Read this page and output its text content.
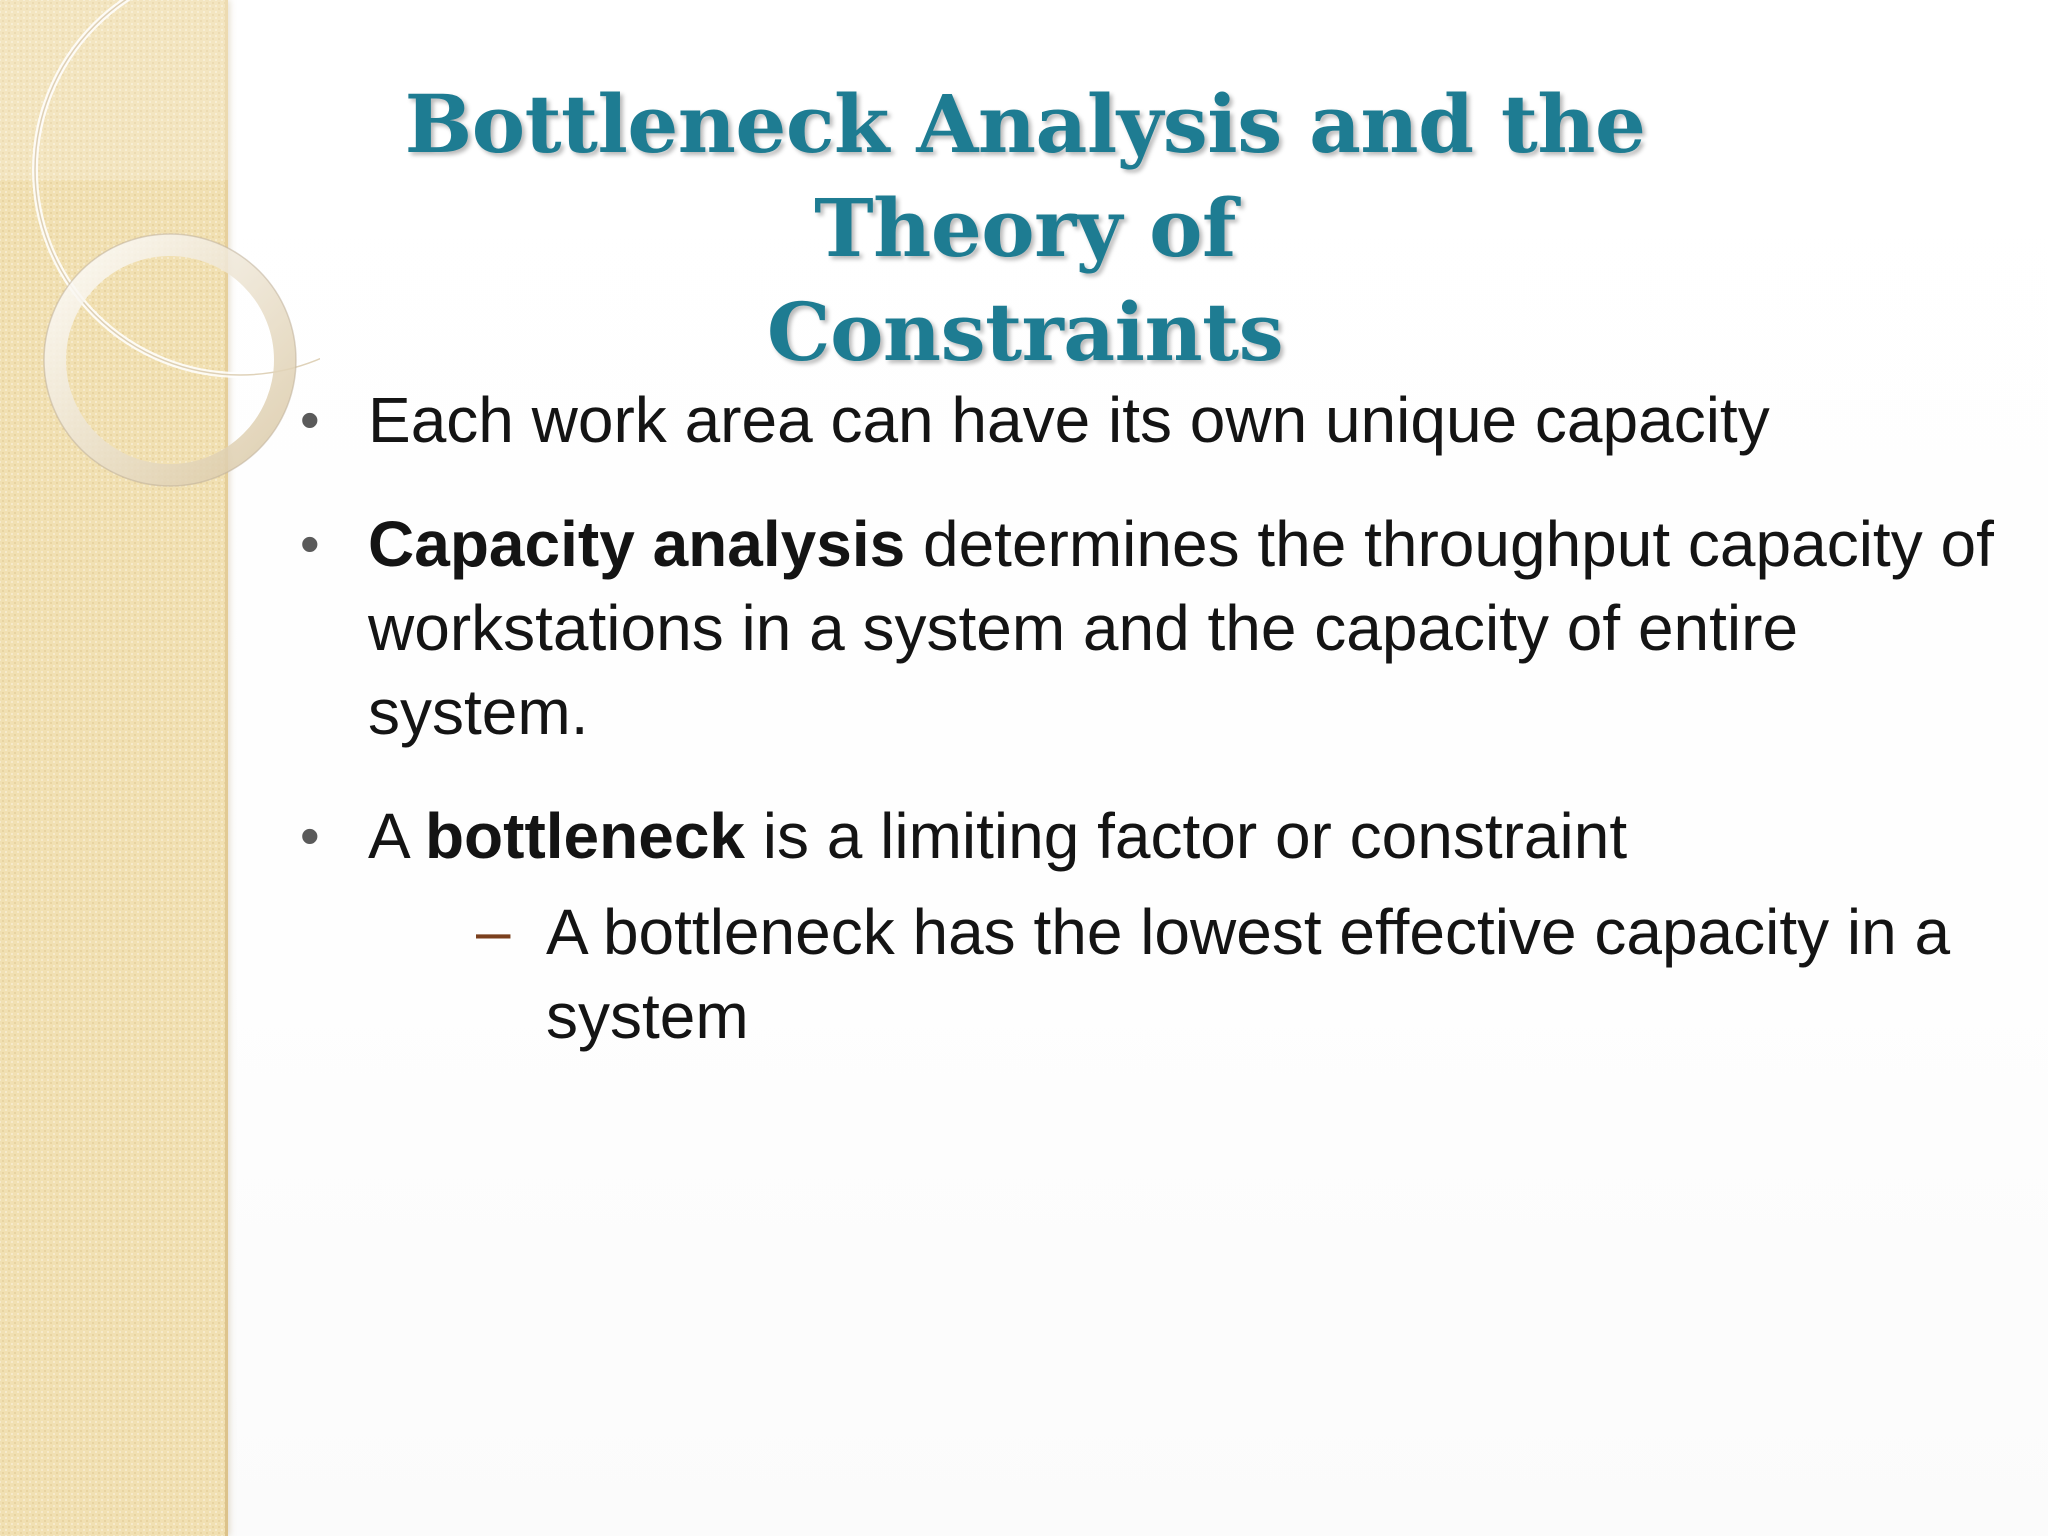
Bottleneck Analysis and the Theory of
Constraints
• Each work area can have its own unique capacity
• Capacity analysis determines the throughput capacity of workstations in a system and the capacity of entire system.
• A bottleneck is a limiting factor or constraint
– A bottleneck has the lowest effective capacity in a system
